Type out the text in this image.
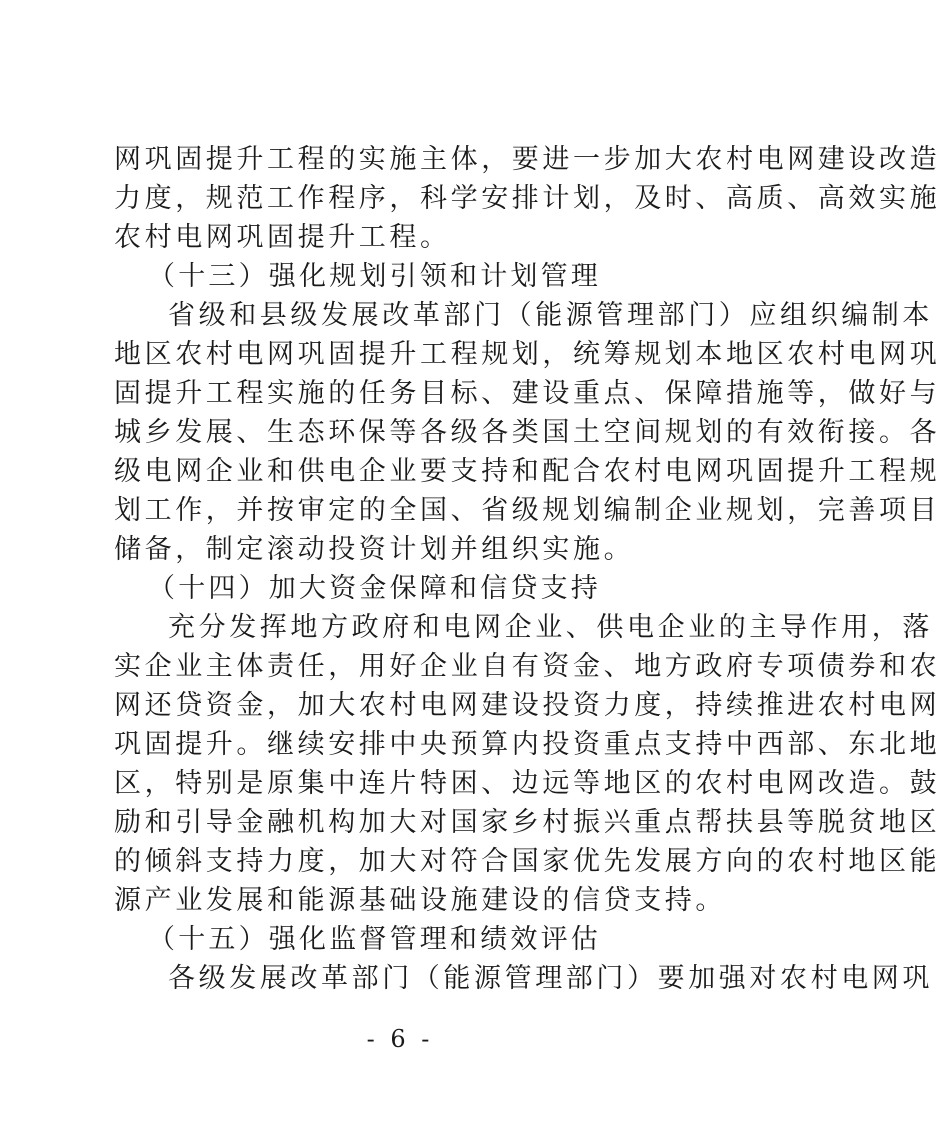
网巩固提升工程的实施主体，要进一步加大农村电网建设改造
力度，规范工作程序，科学安排计划，及时、高质、高效实施
农村电网巩固提升工程。
（十三）强化规划引领和计划管理
省级和县级发展改革部门（能源管理部门）应组织编制本
地区农村电网巩固提升工程规划，统筹规划本地区农村电网巩
固提升工程实施的任务目标、建设重点、保障措施等，做好与
城乡发展、生态环保等各级各类国土空间规划的有效衔接。各
级电网企业和供电企业要支持和配合农村电网巩固提升工程规
划工作，并按审定的全国、省级规划编制企业规划，完善项目
储备，制定滚动投资计划并组织实施。
（十四）加大资金保障和信贷支持
充分发挥地方政府和电网企业、供电企业的主导作用，落
实企业主体责任，用好企业自有资金、地方政府专项债券和农
网还贷资金，加大农村电网建设投资力度，持续推进农村电网
巩固提升。继续安排中央预算内投资重点支持中西部、东北地
区，特别是原集中连片特困、边远等地区的农村电网改造。鼓
励和引导金融机构加大对国家乡村振兴重点帮扶县等脱贫地区
的倾斜支持力度，加大对符合国家优先发展方向的农村地区能
源产业发展和能源基础设施建设的信贷支持。
（十五）强化监督管理和绩效评估
各级发展改革部门（能源管理部门）要加强对农村电网巩
- 6 -
